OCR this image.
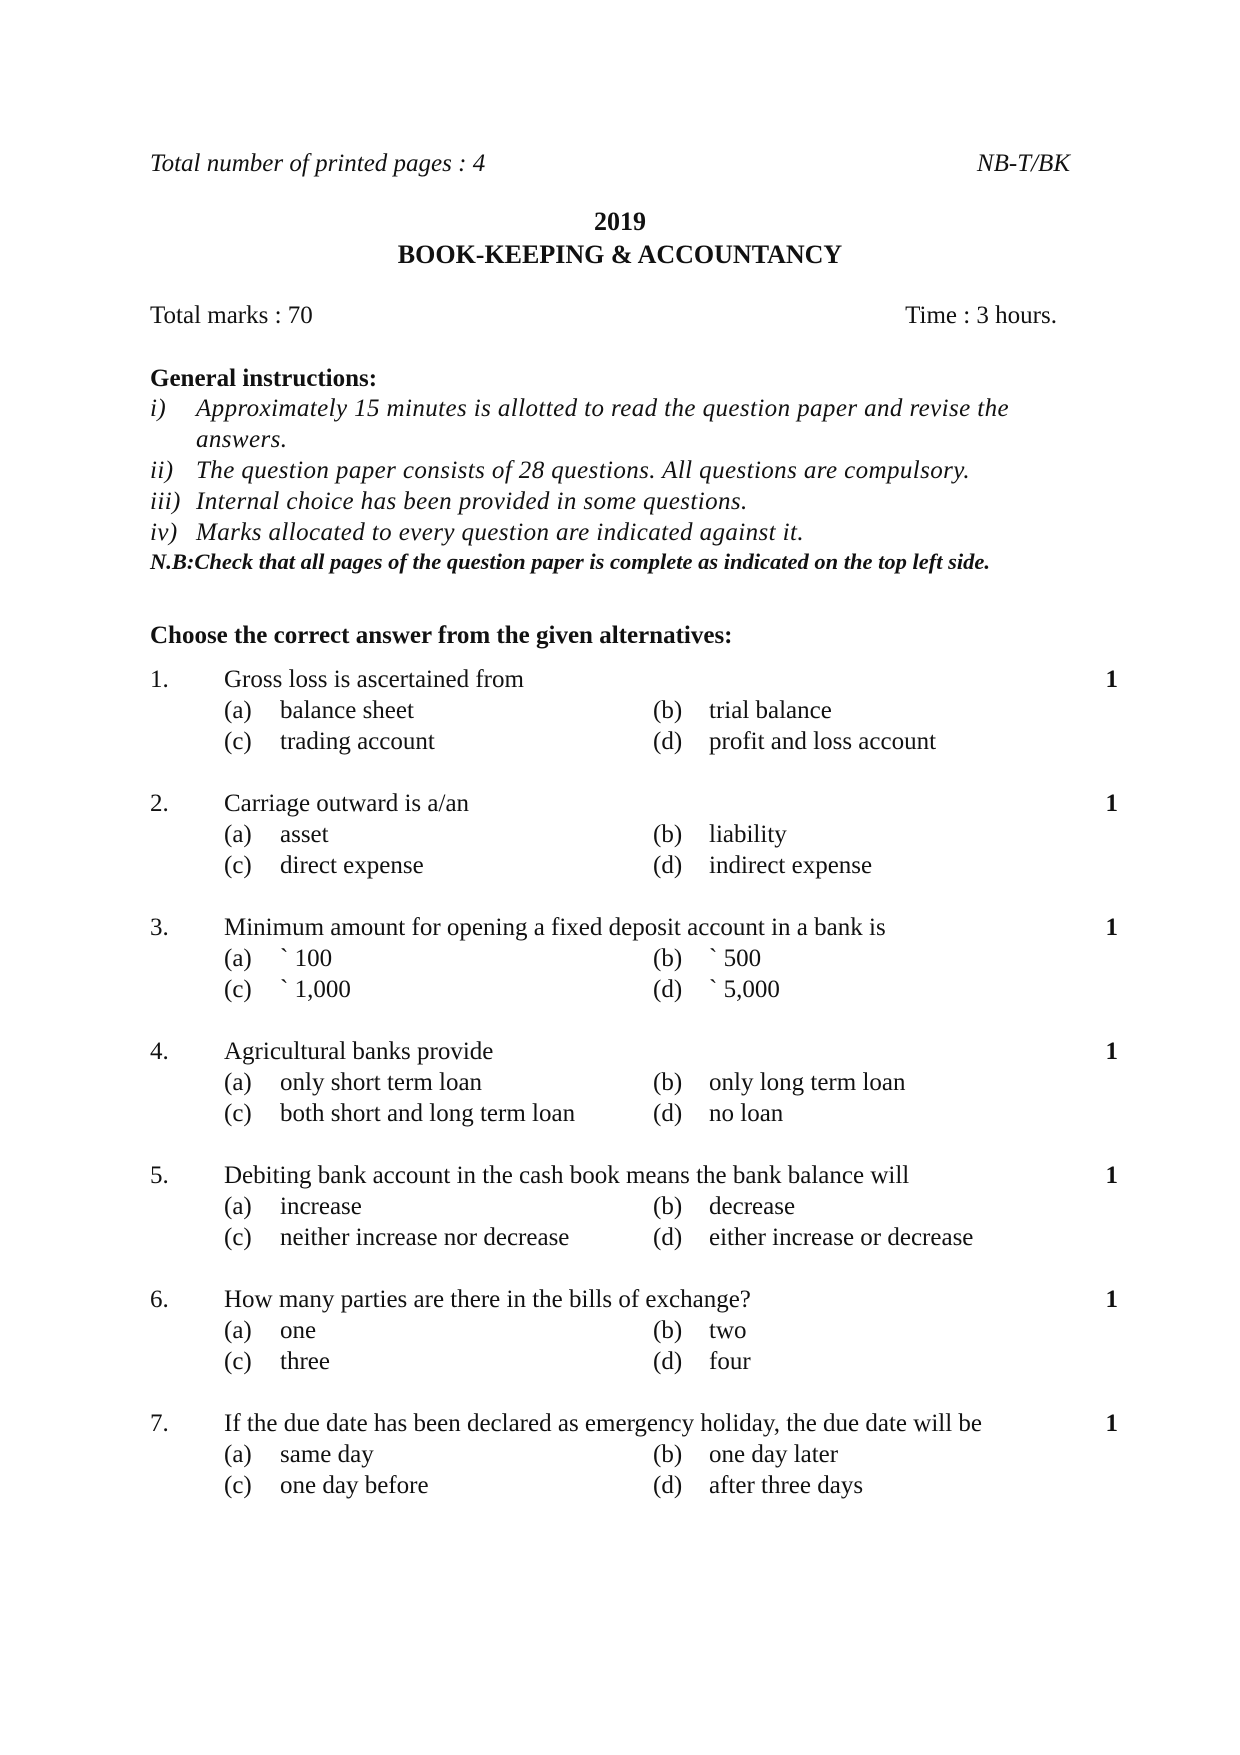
Total number of printed pages : 4	NB-T/BK
2019
BOOK-KEEPING & ACCOUNTANCY
Total marks : 70	Time : 3 hours.
General instructions:
i)	Approximately 15 minutes is allotted to read the question paper and revise the answers.
ii) The question paper consists of 28 questions. All questions are compulsory.
iii) Internal choice has been provided in some questions.
iv) Marks allocated to every question are indicated against it.
N.B:Check that all pages of the question paper is complete as indicated on the top left side.
Choose the correct answer from the given alternatives:
1. Gross loss is ascertained from	1
(a) balance sheet	(b) trial balance
(c) trading account	(d) profit and loss account
2. Carriage outward is a/an	1
(a) asset	(b) liability
(c) direct expense	(d) indirect expense
3. Minimum amount for opening a fixed deposit account in a bank is	1
(a) ` 100	(b) ` 500
(c) ` 1,000	(d) ` 5,000
4. Agricultural banks provide	1
(a) only short term loan	(b) only long term loan
(c) both short and long term loan	(d) no loan
5. Debiting bank account in the cash book means the bank balance will	1
(a) increase	(b) decrease
(c) neither increase nor decrease	(d) either increase or decrease
6. How many parties are there in the bills of exchange?	1
(a) one	(b) two
(c) three	(d) four
7. If the due date has been declared as emergency holiday, the due date will be	1
(a) same day	(b) one day later
(c) one day before	(d) after three days
